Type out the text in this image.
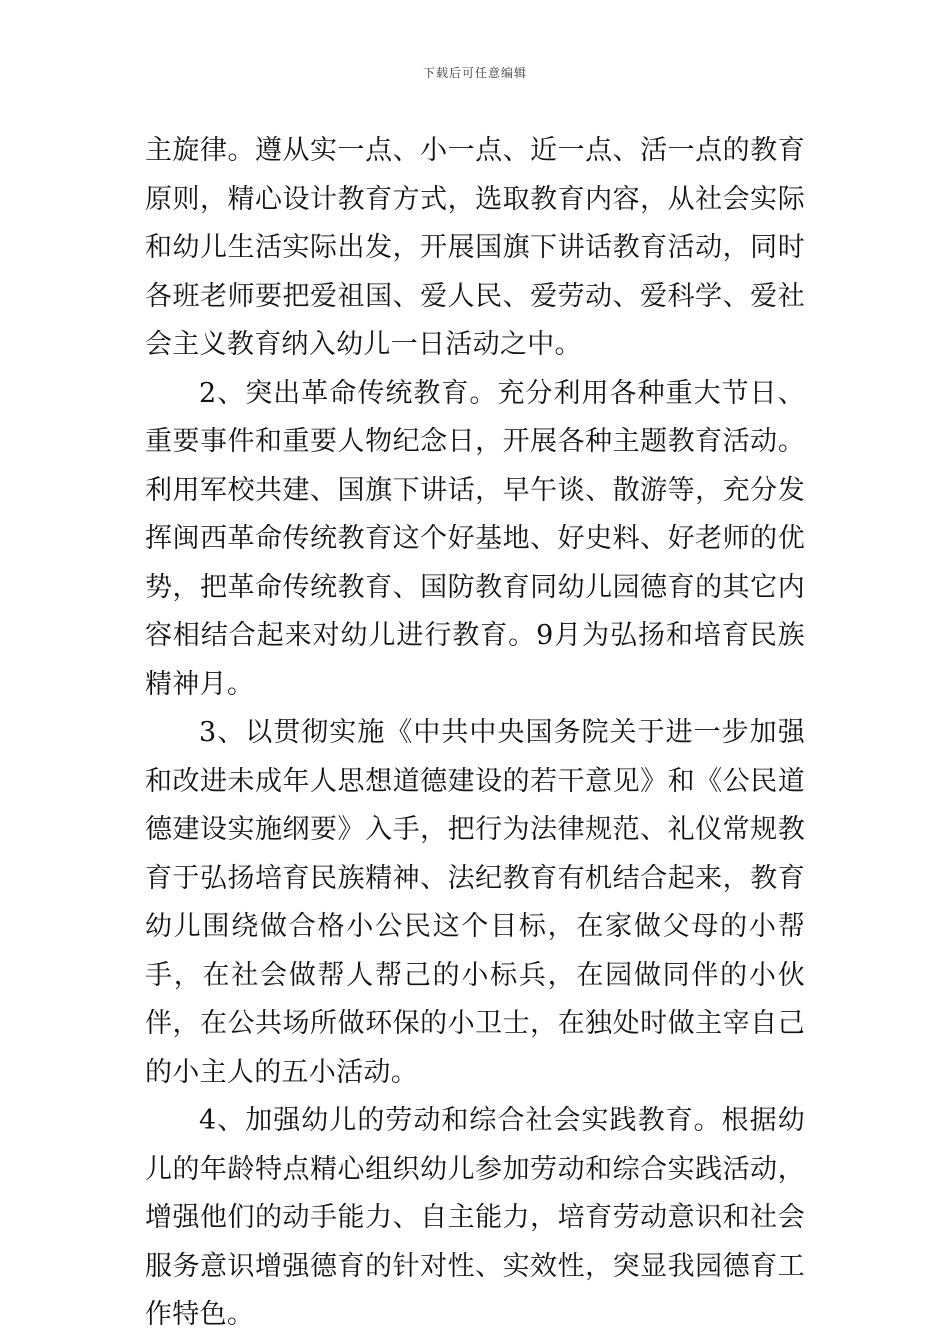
下载后可任意编辑

主旋律。遵从实一点、小一点、近一点、活一点的教育原则，精心设计教育方式，选取教育内容，从社会实际和幼儿生活实际出发，开展国旗下讲话教育活动，同时各班老师要把爱祖国、爱人民、爱劳动、爱科学、爱社会主义教育纳入幼儿一日活动之中。

2、突出革命传统教育。充分利用各种重大节日、重要事件和重要人物纪念日，开展各种主题教育活动。利用军校共建、国旗下讲话，早午谈、散游等，充分发挥闽西革命传统教育这个好基地、好史料、好老师的优势，把革命传统教育、国防教育同幼儿园德育的其它内容相结合起来对幼儿进行教育。9月为弘扬和培育民族精神月。

3、以贯彻实施《中共中央国务院关于进一步加强和改进未成年人思想道德建设的若干意见》和《公民道德建设实施纲要》入手，把行为法律规范、礼仪常规教育于弘扬培育民族精神、法纪教育有机结合起来，教育幼儿围绕做合格小公民这个目标，在家做父母的小帮手，在社会做帮人帮己的小标兵，在园做同伴的小伙伴，在公共场所做环保的小卫士，在独处时做主宰自己的小主人的五小活动。

4、加强幼儿的劳动和综合社会实践教育。根据幼儿的年龄特点精心组织幼儿参加劳动和综合实践活动，增强他们的动手能力、自主能力，培育劳动意识和社会服务意识增强德育的针对性、实效性，突显我园德育工作特色。
